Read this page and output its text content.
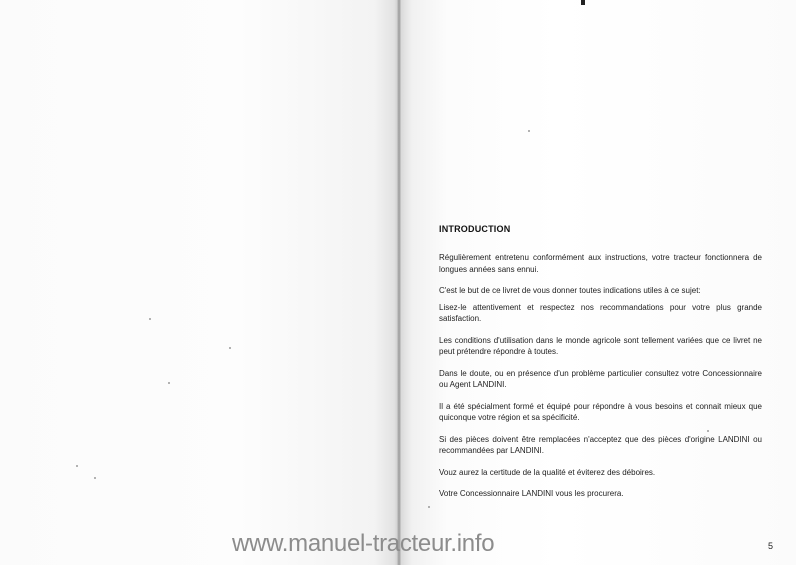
INTRODUCTION

Régulièrement entretenu conformément aux instructions, votre tracteur fonctionnera de longues années sans ennui.

C'est le but de ce livret de vous donner toutes indications utiles à ce sujet:

Lisez-le attentivement et respectez nos recommandations pour votre plus grande satisfaction.

Les conditions d'utilisation dans le monde agricole sont tellement variées que ce livret ne peut prétendre répondre à toutes.

Dans le doute, ou en présence d'un problème particulier consultez votre Concessionnaire ou Agent LANDINI.

Il a été spécialment formé et équipé pour répondre à vous besoins et connait mieux que quiconque votre région et sa spécificité.

Si des pièces doivent être remplacées n'acceptez que des pièces d'origine LANDINI ou recommandées par LANDINI.

Vouz aurez la certitude de la qualité et éviterez des déboires.

Votre Concessionnaire LANDINI vous les procurera.

www.manuel-tracteur.info	5
